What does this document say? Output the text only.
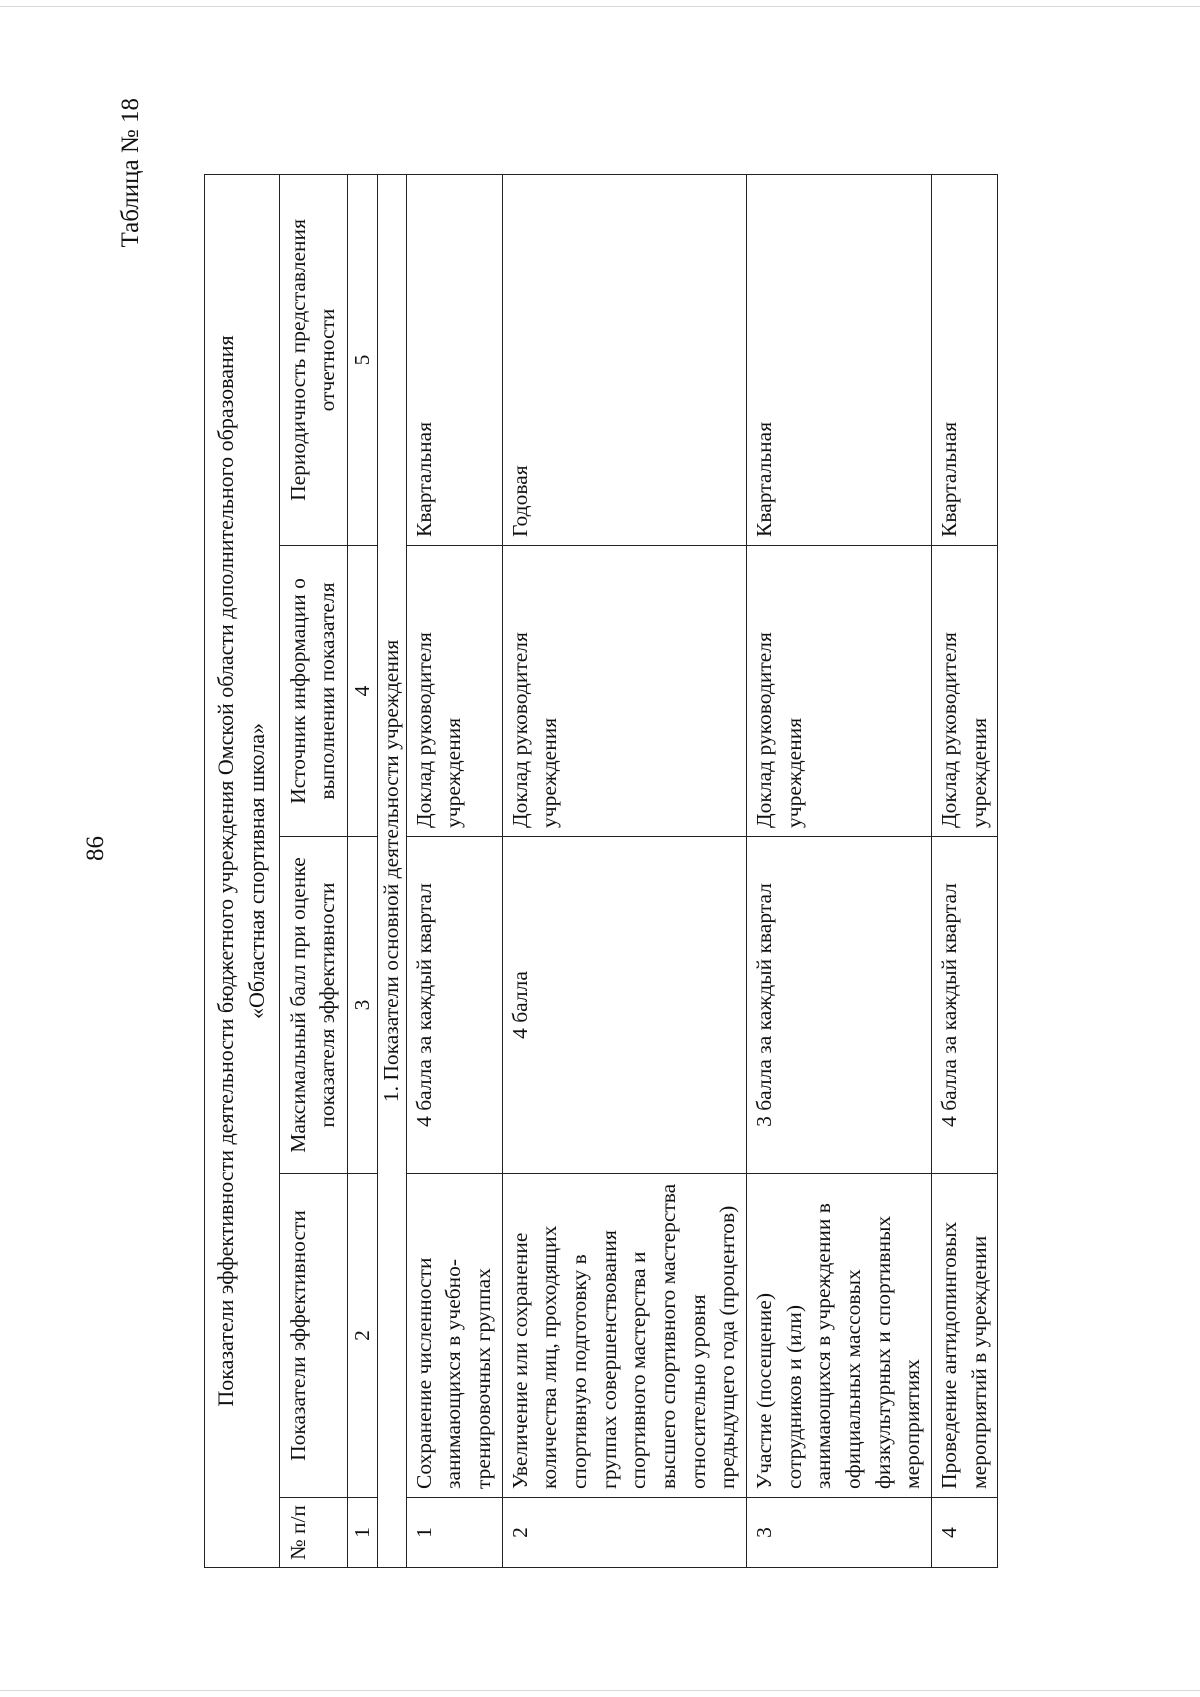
86
Таблица № 18
Показатели эффективности деятельности бюджетного учреждения Омской области дополнительного образования «Областная спортивная школа»				

№ п/п	Показатели эффективности	Максимальный балл при оценке показателя эффективности	Источник информации о выполнении показателя	Периодичность представления отчетности
1	2	3	4	5
1. Показатели основной деятельности учреждения				
1	Сохранение численности занимающихся в учебно-тренировочных группах	4 балла за каждый квартал	Доклад руководителя учреждения	Квартальная
2	Увеличение или сохранение количества лиц, проходящих спортивную подготовку в группах совершенствования спортивного мастерства и высшего спортивного мастерства относительно уровня предыдущего года (процентов)	4 балла	Доклад руководителя учреждения	Годовая
3	Участие (посещение) сотрудников и (или) занимающихся в учреждении в официальных массовых физкультурных и спортивных мероприятиях	3 балла за каждый квартал	Доклад руководителя учреждения	Квартальная
4	Проведение антидопинговых мероприятий в учреждении	4 балла за каждый квартал	Доклад руководителя учреждения	Квартальная
